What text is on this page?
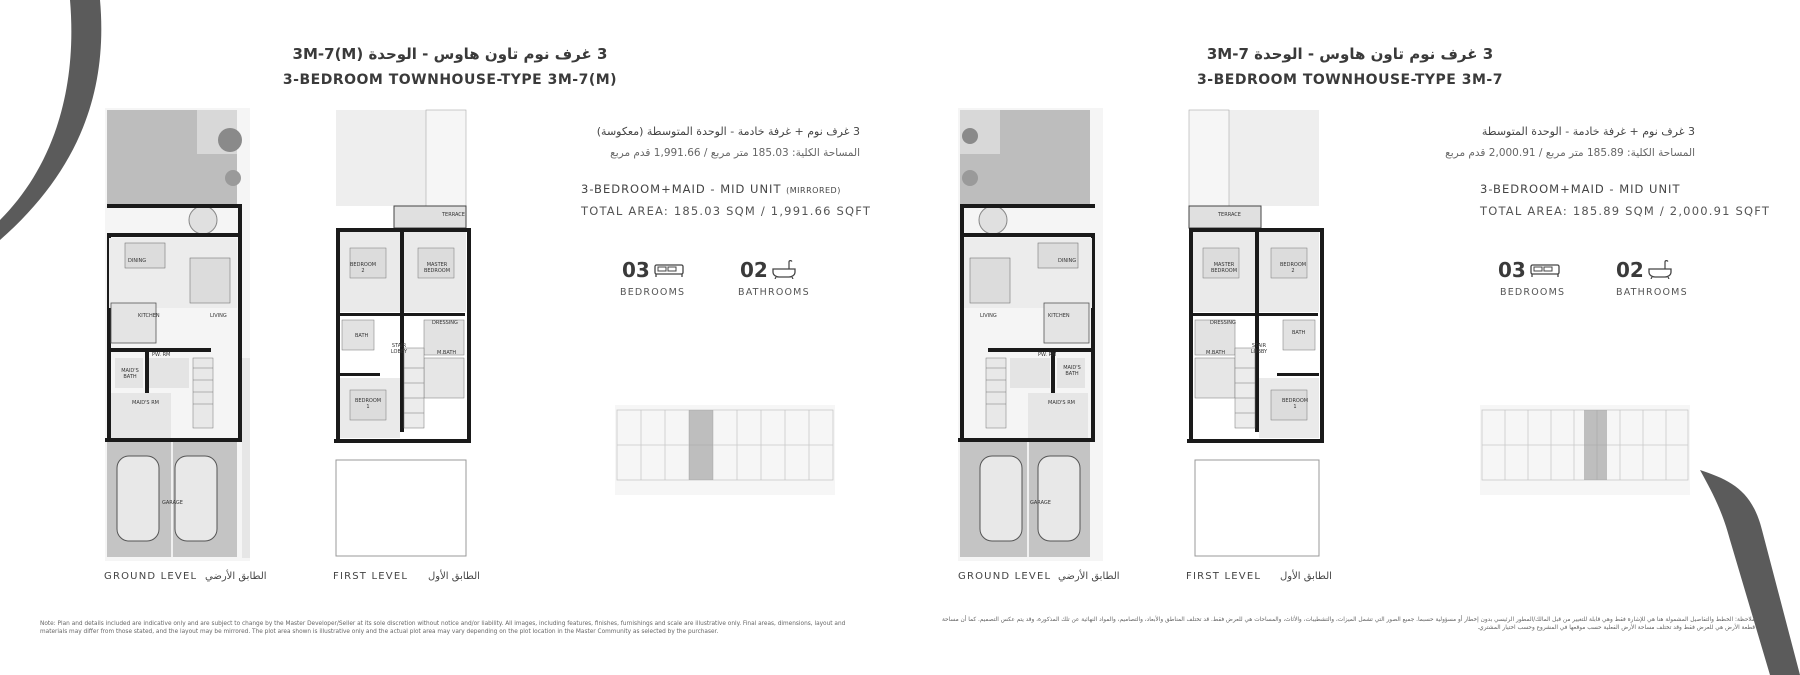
3 غرف نوم تاون هاوس - الوحدة 3M-7(M)
3-BEDROOM TOWNHOUSE-TYPE 3M-7(M)
DINING
LIVING
KITCHEN
PW. RM
MAID'S BATH
MAID'S RM
GARAGE
BEDROOM 2
MASTER BEDROOM
DRESSING
BATH
STAIR LOBBY	M.BATH
BEDROOM 1
TERRACE
GROUND LEVEL الطابق الأرضي	FIRST LEVEL الطابق الأول
3 غرف نوم + غرفة خادمة - الوحدة المتوسطة (معكوسة)
المساحة الكلية: 185.03 متر مربع / 1,991.66 قدم مربع
3-BEDROOM+MAID - MID UNIT (MIRRORED)
TOTAL AREA: 185.03 SQM / 1,991.66 SQFT
03
BEDROOMS
02
BATHROOMS
Note: Plan and details included are indicative only and are subject to change by the Master Developer/Seller at its sole discretion without notice and/or liability. All images, including features, finishes, furnishings and scale are illustrative only. Final areas, dimensions, layout and materials may differ from those stated, and the layout may be mirrored. The plot area shown is illustrative only and the actual plot area may vary depending on the plot location in the Master Community as selected by the purchaser.
3 غرف نوم تاون هاوس - الوحدة 3M-7
3-BEDROOM TOWNHOUSE-TYPE 3M-7
DINING
LIVING	KITCHEN
PW. RM
MAID'S BATH
MAID'S RM
GARAGE
MASTER BEDROOM
BEDROOM 2
DRESSING
BATH
STAIR LOBBY
M.BATH
BEDROOM 1
TERRACE
GROUND LEVEL الطابق الأرضي	FIRST LEVEL الطابق الأول
3 غرف نوم + غرفة خادمة - الوحدة المتوسطة
المساحة الكلية: 185.89 متر مربع / 2,000.91 قدم مربع
3-BEDROOM+MAID - MID UNIT
TOTAL AREA: 185.89 SQM / 2,000.91 SQFT
03
BEDROOMS
02
BATHROOMS
ملاحظة: الخطط والتفاصيل المشمولة هنا هي للإشارة فقط وهي قابلة للتغيير من قبل المالك/المطور الرئيسي بدون إخطار أو مسؤولية حسبما. جميع الصور التي تشمل الميزات، والتشطيبات، والأثاث، والمساحات هي للعرض فقط. قد تختلف المناطق والأبعاد، والتصاميم، والمواد النهائية عن تلك المذكورة، وقد يتم عكس التصميم. كما أن مساحة قطعة الأرض هي للعرض فقط وقد تختلف مساحة الأرض الفعلية حسب موقعها في المشروع وحسب اختيار المشتري.
